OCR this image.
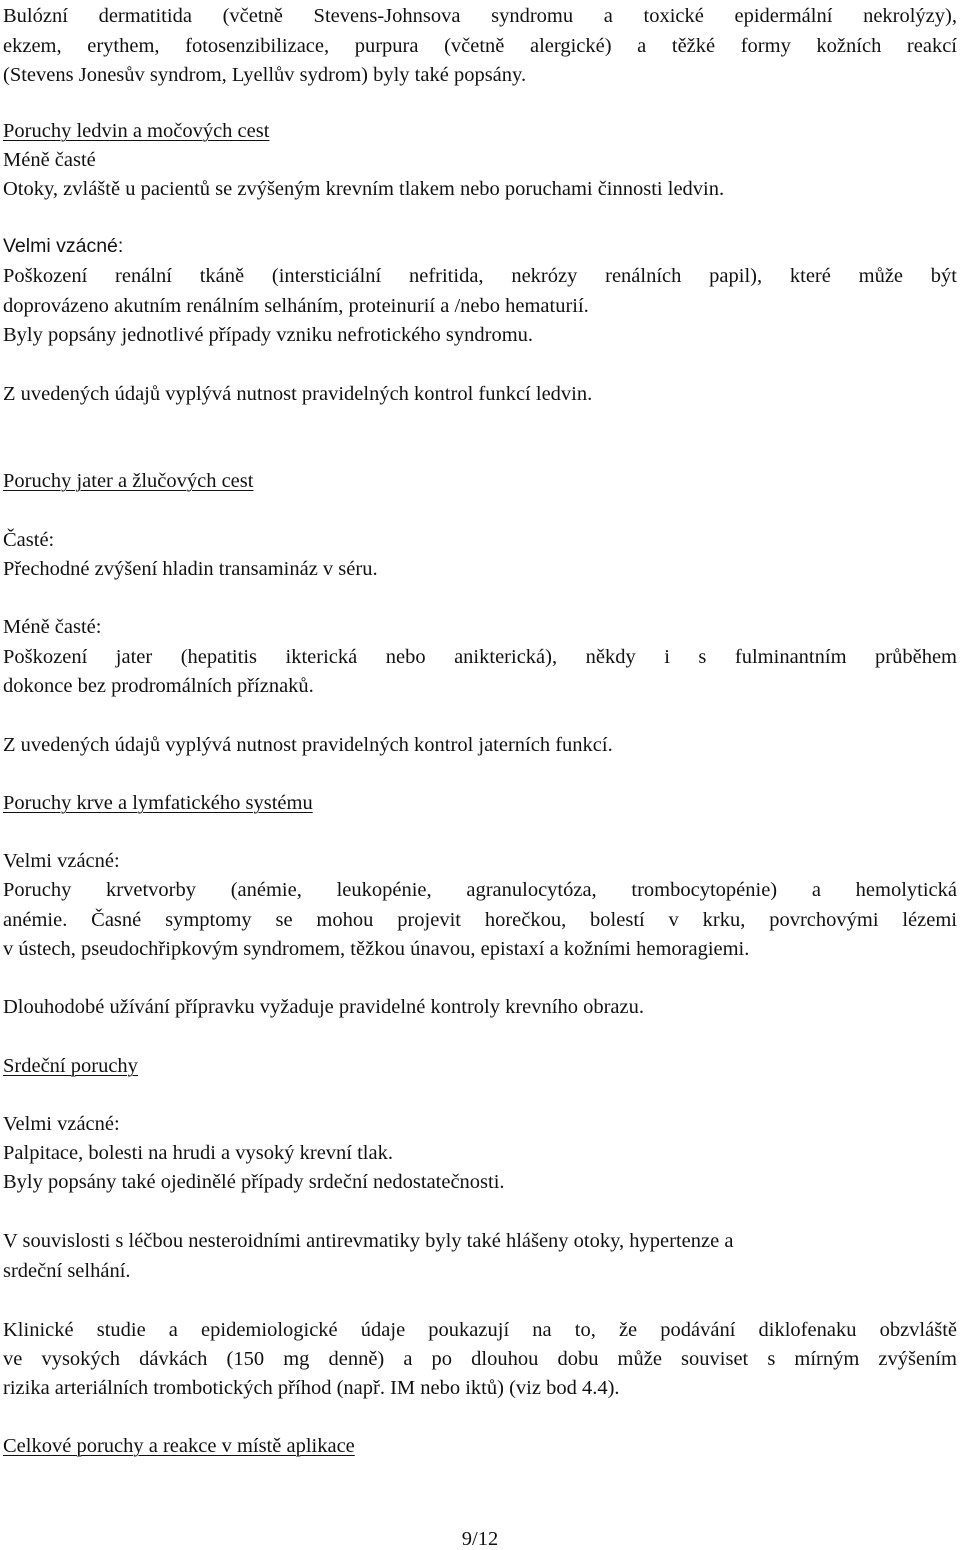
Bulózní dermatitida (včetně Stevens-Johnsova syndromu a toxické epidermální nekrolýzy),
ekzem, erythem, fotosenzibilizace, purpura (včetně alergické) a těžké formy kožních reakcí
(Stevens Jonesův syndrom, Lyellův sydrom) byly také popsány.
Poruchy ledvin a močových cest
Méně časté
Otoky, zvláště u pacientů se zvýšeným krevním tlakem nebo poruchami činnosti ledvin.
Velmi vzácné:
Poškození renální tkáně (intersticiální nefritida, nekrózy renálních papil), které může být
doprovázeno akutním renálním selháním, proteinurií a /nebo hematurií.
Byly popsány jednotlivé případy vzniku nefrotického syndromu.
Z uvedených údajů vyplývá nutnost pravidelných kontrol funkcí ledvin.
Poruchy jater a žlučových cest
Časté:
Přechodné zvýšení hladin transamináz v séru.
Méně časté:
Poškození jater (hepatitis ikterická nebo anikterická), někdy i s fulminantním průběhem
dokonce bez prodromálních příznaků.
Z uvedených údajů vyplývá nutnost pravidelných kontrol jaterních funkcí.
Poruchy krve a lymfatického systému
Velmi vzácné:
Poruchy krvetvorby (anémie, leukopénie, agranulocytóza, trombocytopénie) a hemolytická
anémie. Časné symptomy se mohou projevit horečkou, bolestí v krku, povrchovými lézemi
v ústech, pseudochřipkovým syndromem, těžkou únavou, epistaxí a kožními hemoragiemi.
Dlouhodobé užívání přípravku vyžaduje pravidelné kontroly krevního obrazu.
Srdeční poruchy
Velmi vzácné:
Palpitace, bolesti na hrudi a vysoký krevní tlak.
Byly popsány také ojedinělé případy srdeční nedostatečnosti.
V souvislosti s léčbou nesteroidními antirevmatiky byly také hlášeny otoky, hypertenze a
srdeční selhání.
Klinické studie a epidemiologické údaje poukazují na to, že podávání diklofenaku obzvláště
ve vysokých dávkách (150 mg denně) a po dlouhou dobu může souviset s mírným zvýšením
rizika arteriálních trombotických příhod (např. IM nebo iktů) (viz bod 4.4).
Celkové poruchy a reakce v místě aplikace
9/12
